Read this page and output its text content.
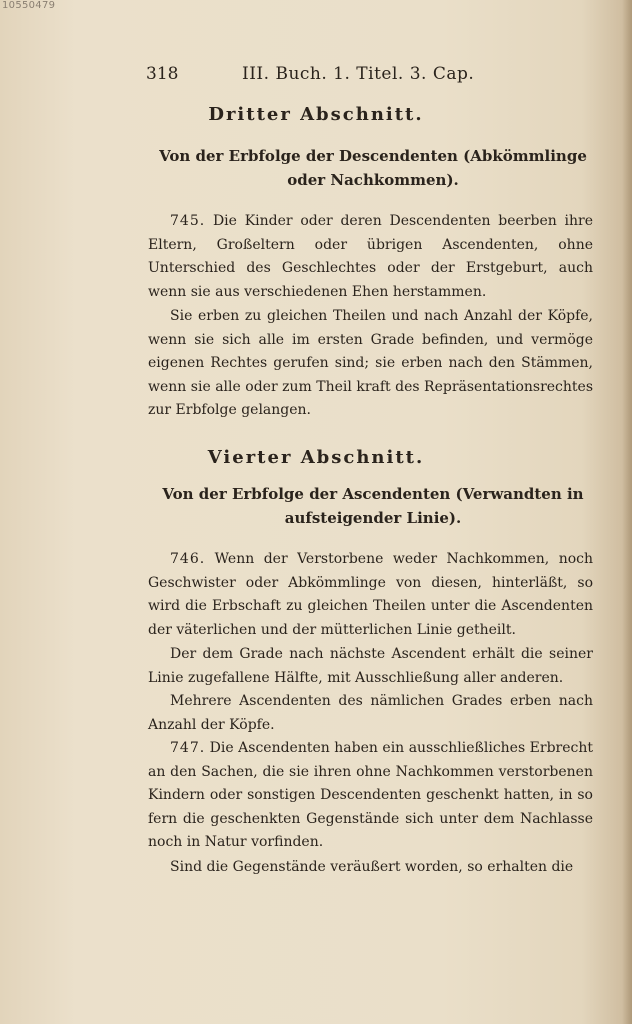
10550479
318	III. Buch. 1. Titel. 3. Cap.
Dritter Abschnitt.
Von der Erbfolge der Descendenten (Abkömmlinge oder Nachkommen).
745. Die Kinder oder deren Descendenten beerben ihre Eltern, Großeltern oder übrigen Ascendenten, ohne Unterschied des Geschlechtes oder der Erstgeburt, auch wenn sie aus verschiedenen Ehen herstammen.
Sie erben zu gleichen Theilen und nach Anzahl der Köpfe, wenn sie sich alle im ersten Grade befinden, und vermöge eigenen Rechtes gerufen sind; sie erben nach den Stämmen, wenn sie alle oder zum Theil kraft des Repräsentationsrechtes zur Erbfolge gelangen.
Vierter Abschnitt.
Von der Erbfolge der Ascendenten (Verwandten in aufsteigender Linie).
746. Wenn der Verstorbene weder Nachkommen, noch Geschwister oder Abkömmlinge von diesen, hinterläßt, so wird die Erbschaft zu gleichen Theilen unter die Ascendenten der väterlichen und der mütterlichen Linie getheilt.
Der dem Grade nach nächste Ascendent erhält die seiner Linie zugefallene Hälfte, mit Ausschließung aller anderen.
Mehrere Ascendenten des nämlichen Grades erben nach Anzahl der Köpfe.
747. Die Ascendenten haben ein ausschließliches Erbrecht an den Sachen, die sie ihren ohne Nachkommen verstorbenen Kindern oder sonstigen Descendenten geschenkt hatten, in so fern die geschenkten Gegenstände sich unter dem Nachlasse noch in Natur vorfinden.
Sind die Gegenstände veräußert worden, so erhalten die
